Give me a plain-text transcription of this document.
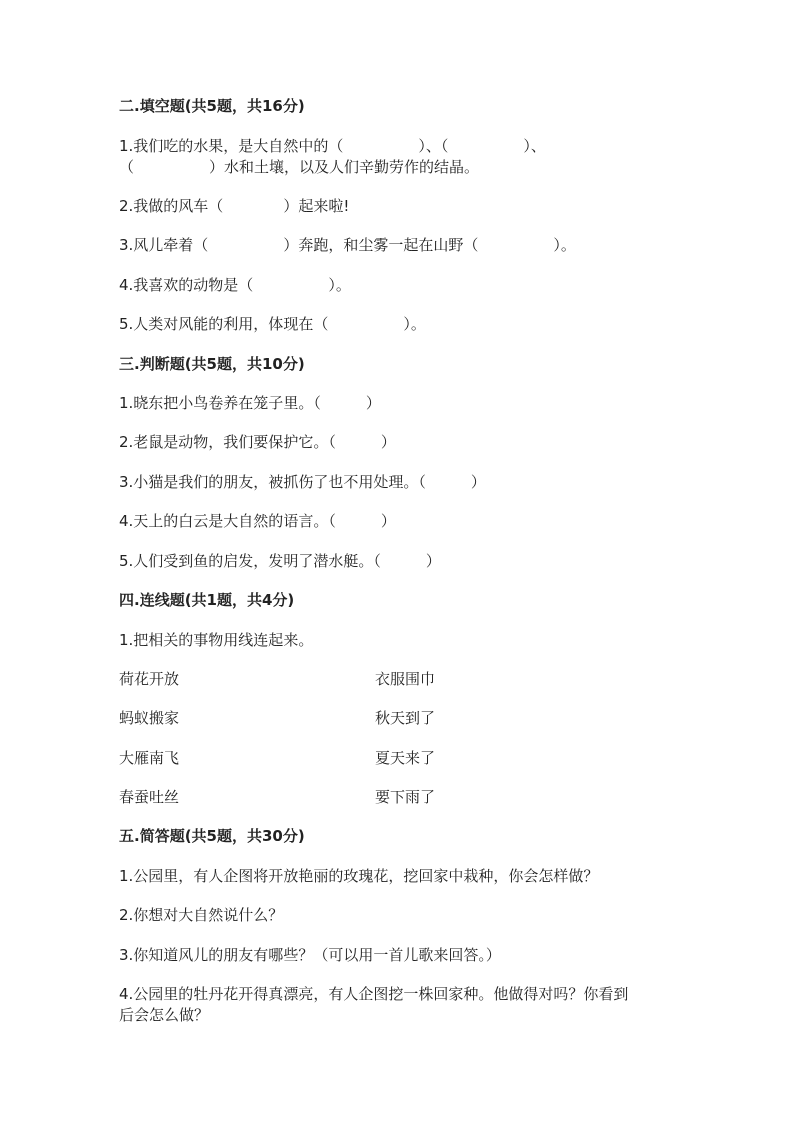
二.填空题(共5题，共16分)
1.我们吃的水果，是大自然中的（　　　　　）、（　　　　　）、
（　　　　　）水和土壤，以及人们辛勤劳作的结晶。
2.我做的风车（　　　　）起来啦!
3.风儿牵着（　　　　　）奔跑，和尘雾一起在山野（　　　　　）。
4.我喜欢的动物是（　　　　　）。
5.人类对风能的利用，体现在（　　　　　）。
三.判断题(共5题，共10分)
1.晓东把小鸟卷养在笼子里。（　　　）
2.老鼠是动物，我们要保护它。（　　　）
3.小猫是我们的朋友，被抓伤了也不用处理。（　　　）
4.天上的白云是大自然的语言。（　　　）
5.人们受到鱼的启发，发明了潜水艇。（　　　）
四.连线题(共1题，共4分)
1.把相关的事物用线连起来。
荷花开放	衣服围巾
蚂蚁搬家	秋天到了
大雁南飞	夏天来了
春蚕吐丝	要下雨了
五.简答题(共5题，共30分)
1.公园里，有人企图将开放艳丽的玫瑰花，挖回家中栽种，你会怎样做？
2.你想对大自然说什么？
3.你知道风儿的朋友有哪些？（可以用一首儿歌来回答。）
4.公园里的牡丹花开得真漂亮，有人企图挖一株回家种。他做得对吗？你看到
后会怎么做？
